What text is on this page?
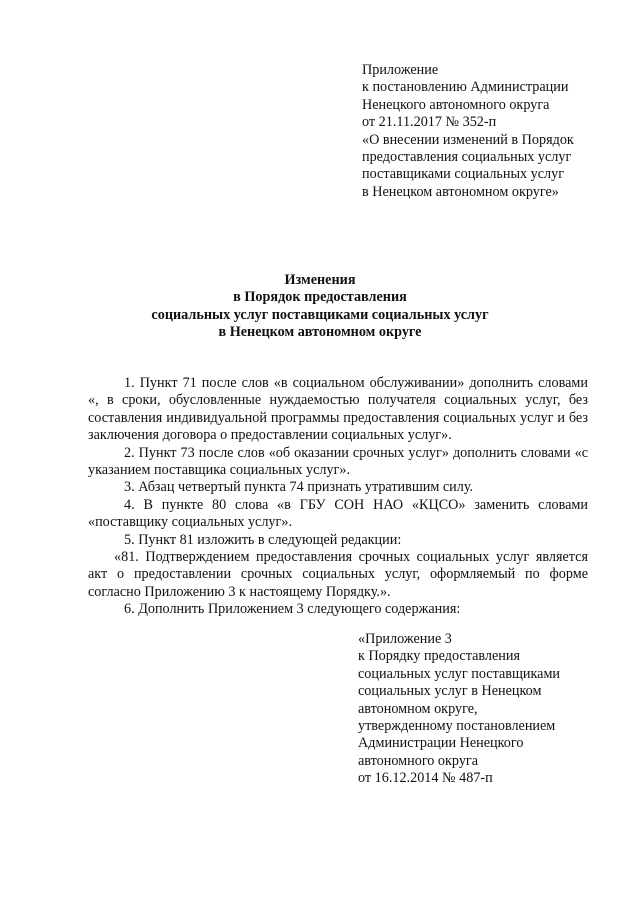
Приложение
к постановлению Администрации
Ненецкого автономного округа
от 21.11.2017 № 352-п
«О внесении изменений в Порядок
предоставления социальных услуг
поставщиками социальных услуг
в Ненецком автономном округе»
Изменения
в Порядок предоставления
социальных услуг поставщиками социальных услуг
в Ненецком автономном округе

1. Пункт 71 после слов «в социальном обслуживании» дополнить словами «, в сроки, обусловленные нуждаемостью получателя социальных услуг, без составления индивидуальной программы предоставления социальных услуг и без заключения договора о предоставлении социальных услуг».

2. Пункт 73 после слов «об оказании срочных услуг» дополнить словами «с указанием поставщика социальных услуг».

3. Абзац четвертый пункта 74 признать утратившим силу.

4. В пункте 80 слова «в ГБУ СОН НАО «КЦСО» заменить словами «поставщику социальных услуг».

5. Пункт 81 изложить в следующей редакции:

«81. Подтверждением предоставления срочных социальных услуг является акт о предоставлении срочных социальных услуг, оформляемый по форме согласно Приложению 3 к настоящему Порядку.».

6. Дополнить Приложением 3 следующего содержания:

«Приложение 3
к Порядку предоставления
социальных услуг поставщиками
социальных услуг в Ненецком
автономном округе,
утвержденному постановлением
Администрации Ненецкого
автономного округа
от 16.12.2014 № 487-п
